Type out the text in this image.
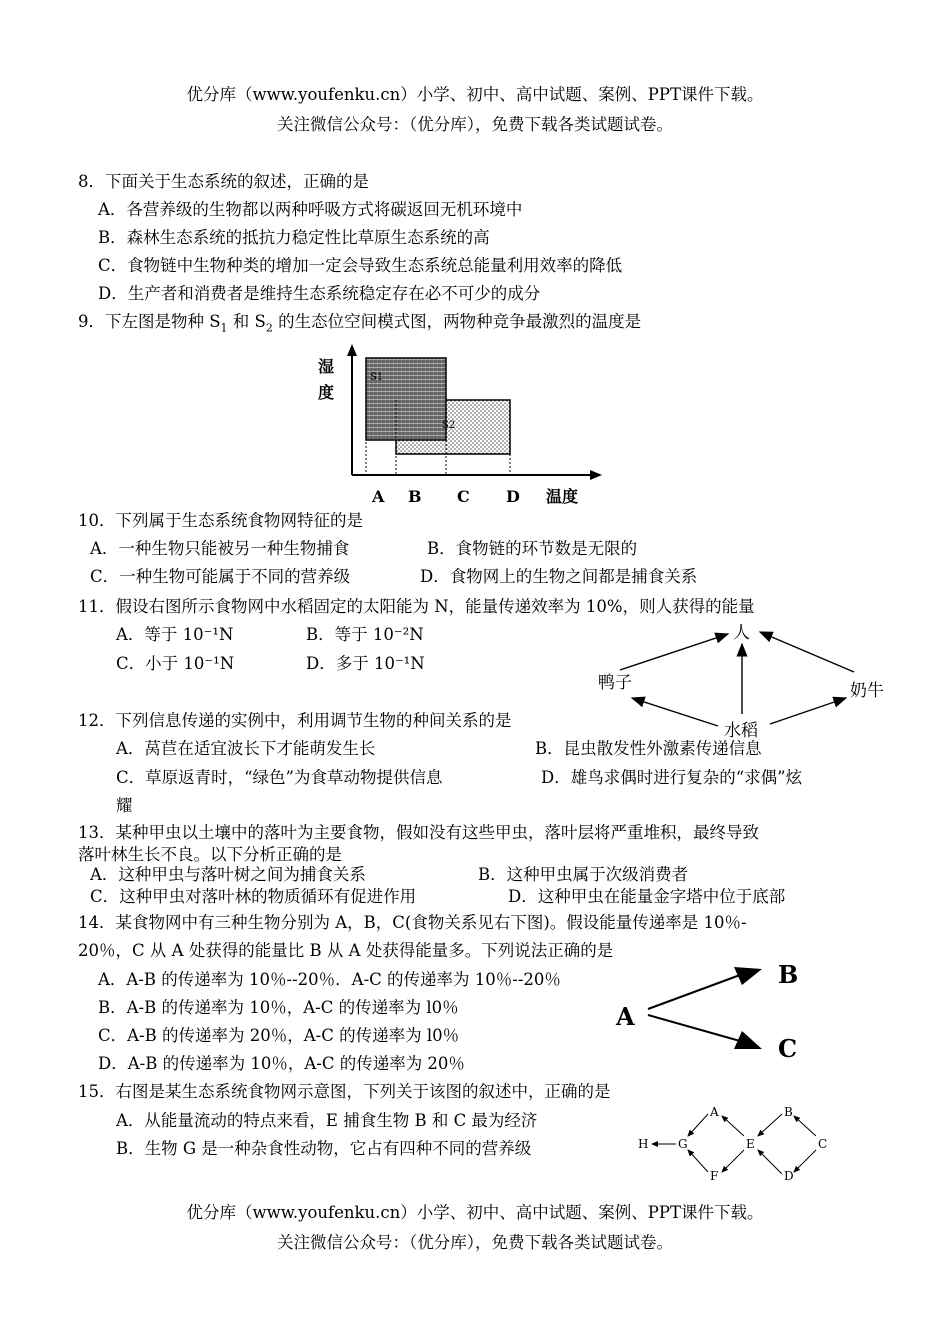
优分库（www.youfenku.cn）小学、初中、高中试题、案例、PPT课件下载。
关注微信公众号：（优分库），免费下载各类试题试卷。
8．下面关于生态系统的叙述，正确的是
A．各营养级的生物都以两种呼吸方式将碳返回无机环境中
B．森林生态系统的抵抗力稳定性比草原生态系统的高
C．食物链中生物种类的增加一定会导致生态系统总能量利用效率的降低
D．生产者和消费者是维持生态系统稳定存在必不可少的成分
9．下左图是物种 $S_1$ 和 $S_2$ 的生态位空间模式图，两物种竞争最激烈的温度是
S1
S2
湿
度
A B C D 温度
10．下列属于生态系统食物网特征的是
A．一种生物只能被另一种生物捕食	B．食物链的环节数是无限的
C．一种生物可能属于不同的营养级	D．食物网上的生物之间都是捕食关系
11．假设右图所示食物网中水稻固定的太阳能为 N，能量传递效率为 10%，则人获得的能量
A．等于 10⁻¹N	B．等于 10⁻²N
C．小于 10⁻¹N	D．多于 10⁻¹N
人
鸭子	奶牛
水稻
12．下列信息传递的实例中，利用调节生物的种间关系的是
A．莴苣在适宜波长下才能萌发生长	B．昆虫散发性外激素传递信息
C．草原返青时，“绿色”为食草动物提供信息	D．雄鸟求偶时进行复杂的“求偶”炫
耀
13．某种甲虫以土壤中的落叶为主要食物，假如没有这些甲虫，落叶层将严重堆积，最终导致
落叶林生长不良。以下分析正确的是
A．这种甲虫与落叶树之间为捕食关系	B．这种甲虫属于次级消费者
C．这种甲虫对落叶林的物质循环有促进作用	D．这种甲虫在能量金字塔中位于底部
14．某食物网中有三种生物分别为 A，B，C(食物关系见右下图)。假设能量传递率是 10％-
20％，C 从 A 处获得的能量比 B 从 A 处获得能量多。下列说法正确的是
A．A-B 的传递率为 10％--20％．A-C 的传递率为 10％--20％
B．A-B 的传递率为 10％，A-C 的传递率为 l0％
C．A-B 的传递率为 20％，A-C 的传递率为 l0％
D．A-B 的传递率为 10％，A-C 的传递率为 20％
A
B
C
15．右图是某生态系统食物网示意图，下列关于该图的叙述中，正确的是
A．从能量流动的特点来看，E 捕食生物 B 和 C 最为经济
B．生物 G 是一种杂食性动物，它占有四种不同的营养级	H G
A
F
E
B
C
D
优分库（www.youfenku.cn）小学、初中、高中试题、案例、PPT课件下载。
关注微信公众号：（优分库），免费下载各类试题试卷。
